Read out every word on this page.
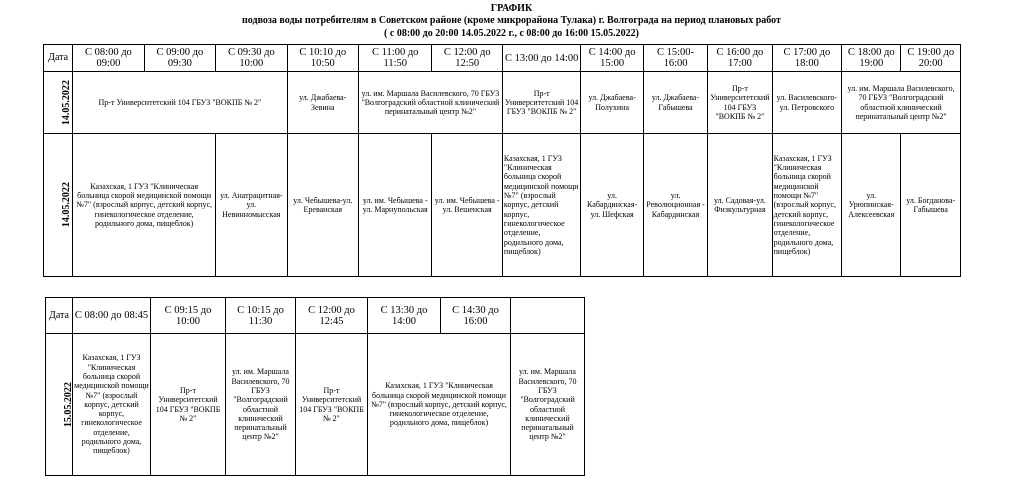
ГРАФИК
подвоза воды потребителям в Советском районе (кроме микрорайона Тулака) г. Волгограда на период плановых работ
( с 08:00 до 20:00 14.05.2022 г., с 08:00 до 16:00 15.05.2022)
Дата	С 08:00 до 09:00	С 09:00 до 09:30	С 09:30 до 10:00	С 10:10 до 10:50	С 11:00 до 11:50	С 12:00 до 12:50	С 13:00 до 14:00	С 14:00 до 15:00	С 15:00- 16:00	С 16:00 до 17:00	С 17:00 до 18:00	С 18:00 до 19:00	С 19:00 до 20:00
14.05.2022	Пр-т Университетский 104 ГБУЗ "ВОКПБ № 2"			ул. Джабаева-Зевина	ул. им. Маршала Василевского, 70 ГБУЗ "Волгоградский областной клинический перинатальный центр №2"		Пр-т Университетский 104 ГБУЗ "ВОКПБ № 2"	ул. Джабаева-Полухина	ул. Джабаева-Габышева	Пр-т Университетский 104 ГБУЗ "ВОКПБ № 2"	ул. Василевского-ул. Петровского	ул. им. Маршала Василевского, 70 ГБУЗ "Волгоградский областной клинический перинатальный центр №2"	
14.05.2022	Казахская, 1 ГУЗ "Клиническая больница скорой медицинской помощи №7" (взрослый корпус, детский корпус, гинекологическое отделение, родильного дома, пищеблок)		ул. Анатрацитная-ул. Невинномысская	ул. Чебышева-ул. Ереванская	ул. им. Чебышева - ул. Марнупольская	ул. им. Чебышева - ул. Вешенская	Казахская, 1 ГУЗ "Клиническая больница скорой медицинской помощи №7" (взрослый корпус, детский корпус, гинекологическое отделение, родильного дома, пищеблок)	ул. Кабардинская-ул. Шефская	ул. Революционная - Кабардинская	ул. Садовая-ул. Физкультурная	Казахская, 1 ГУЗ "Клиническая больница скорой медицинской помощи №7" (взрослый корпус, детский корпус, гинекологическое отделение, родильного дома, пищеблок)	ул. Урюпинская-Алексеевская	ул. Богданова-Габышева
Дата	С 08:00 до 08:45	С 09:15 до 10:00	С 10:15 до 11:30	С 12:00 до 12:45	С 13:30 до 14:00	С 14:30 до 16:00	
15.05.2022	Казахская, 1 ГУЗ "Клиническая больница скорой медицинской помощи №7" (взрослый корпус, детский корпус, гинекологическое отделение, родильного дома, пищеблок)	Пр-т Университетский 104 ГБУЗ "ВОКПБ № 2"	ул. им. Маршала Василевского, 70 ГБУЗ "Волгоградский областной клинический перинатальный центр №2"	Пр-т Университетский 104 ГБУЗ "ВОКПБ № 2"	Казахская, 1 ГУЗ "Клиническая больница скорой медицинской помощи №7" (взрослый корпус, детский корпус, гинекологическое отделение, родильного дома, пищеблок)		ул. им. Маршала Василевского, 70 ГБУЗ "Волгоградский областной клинический перинатальный центр №2"
